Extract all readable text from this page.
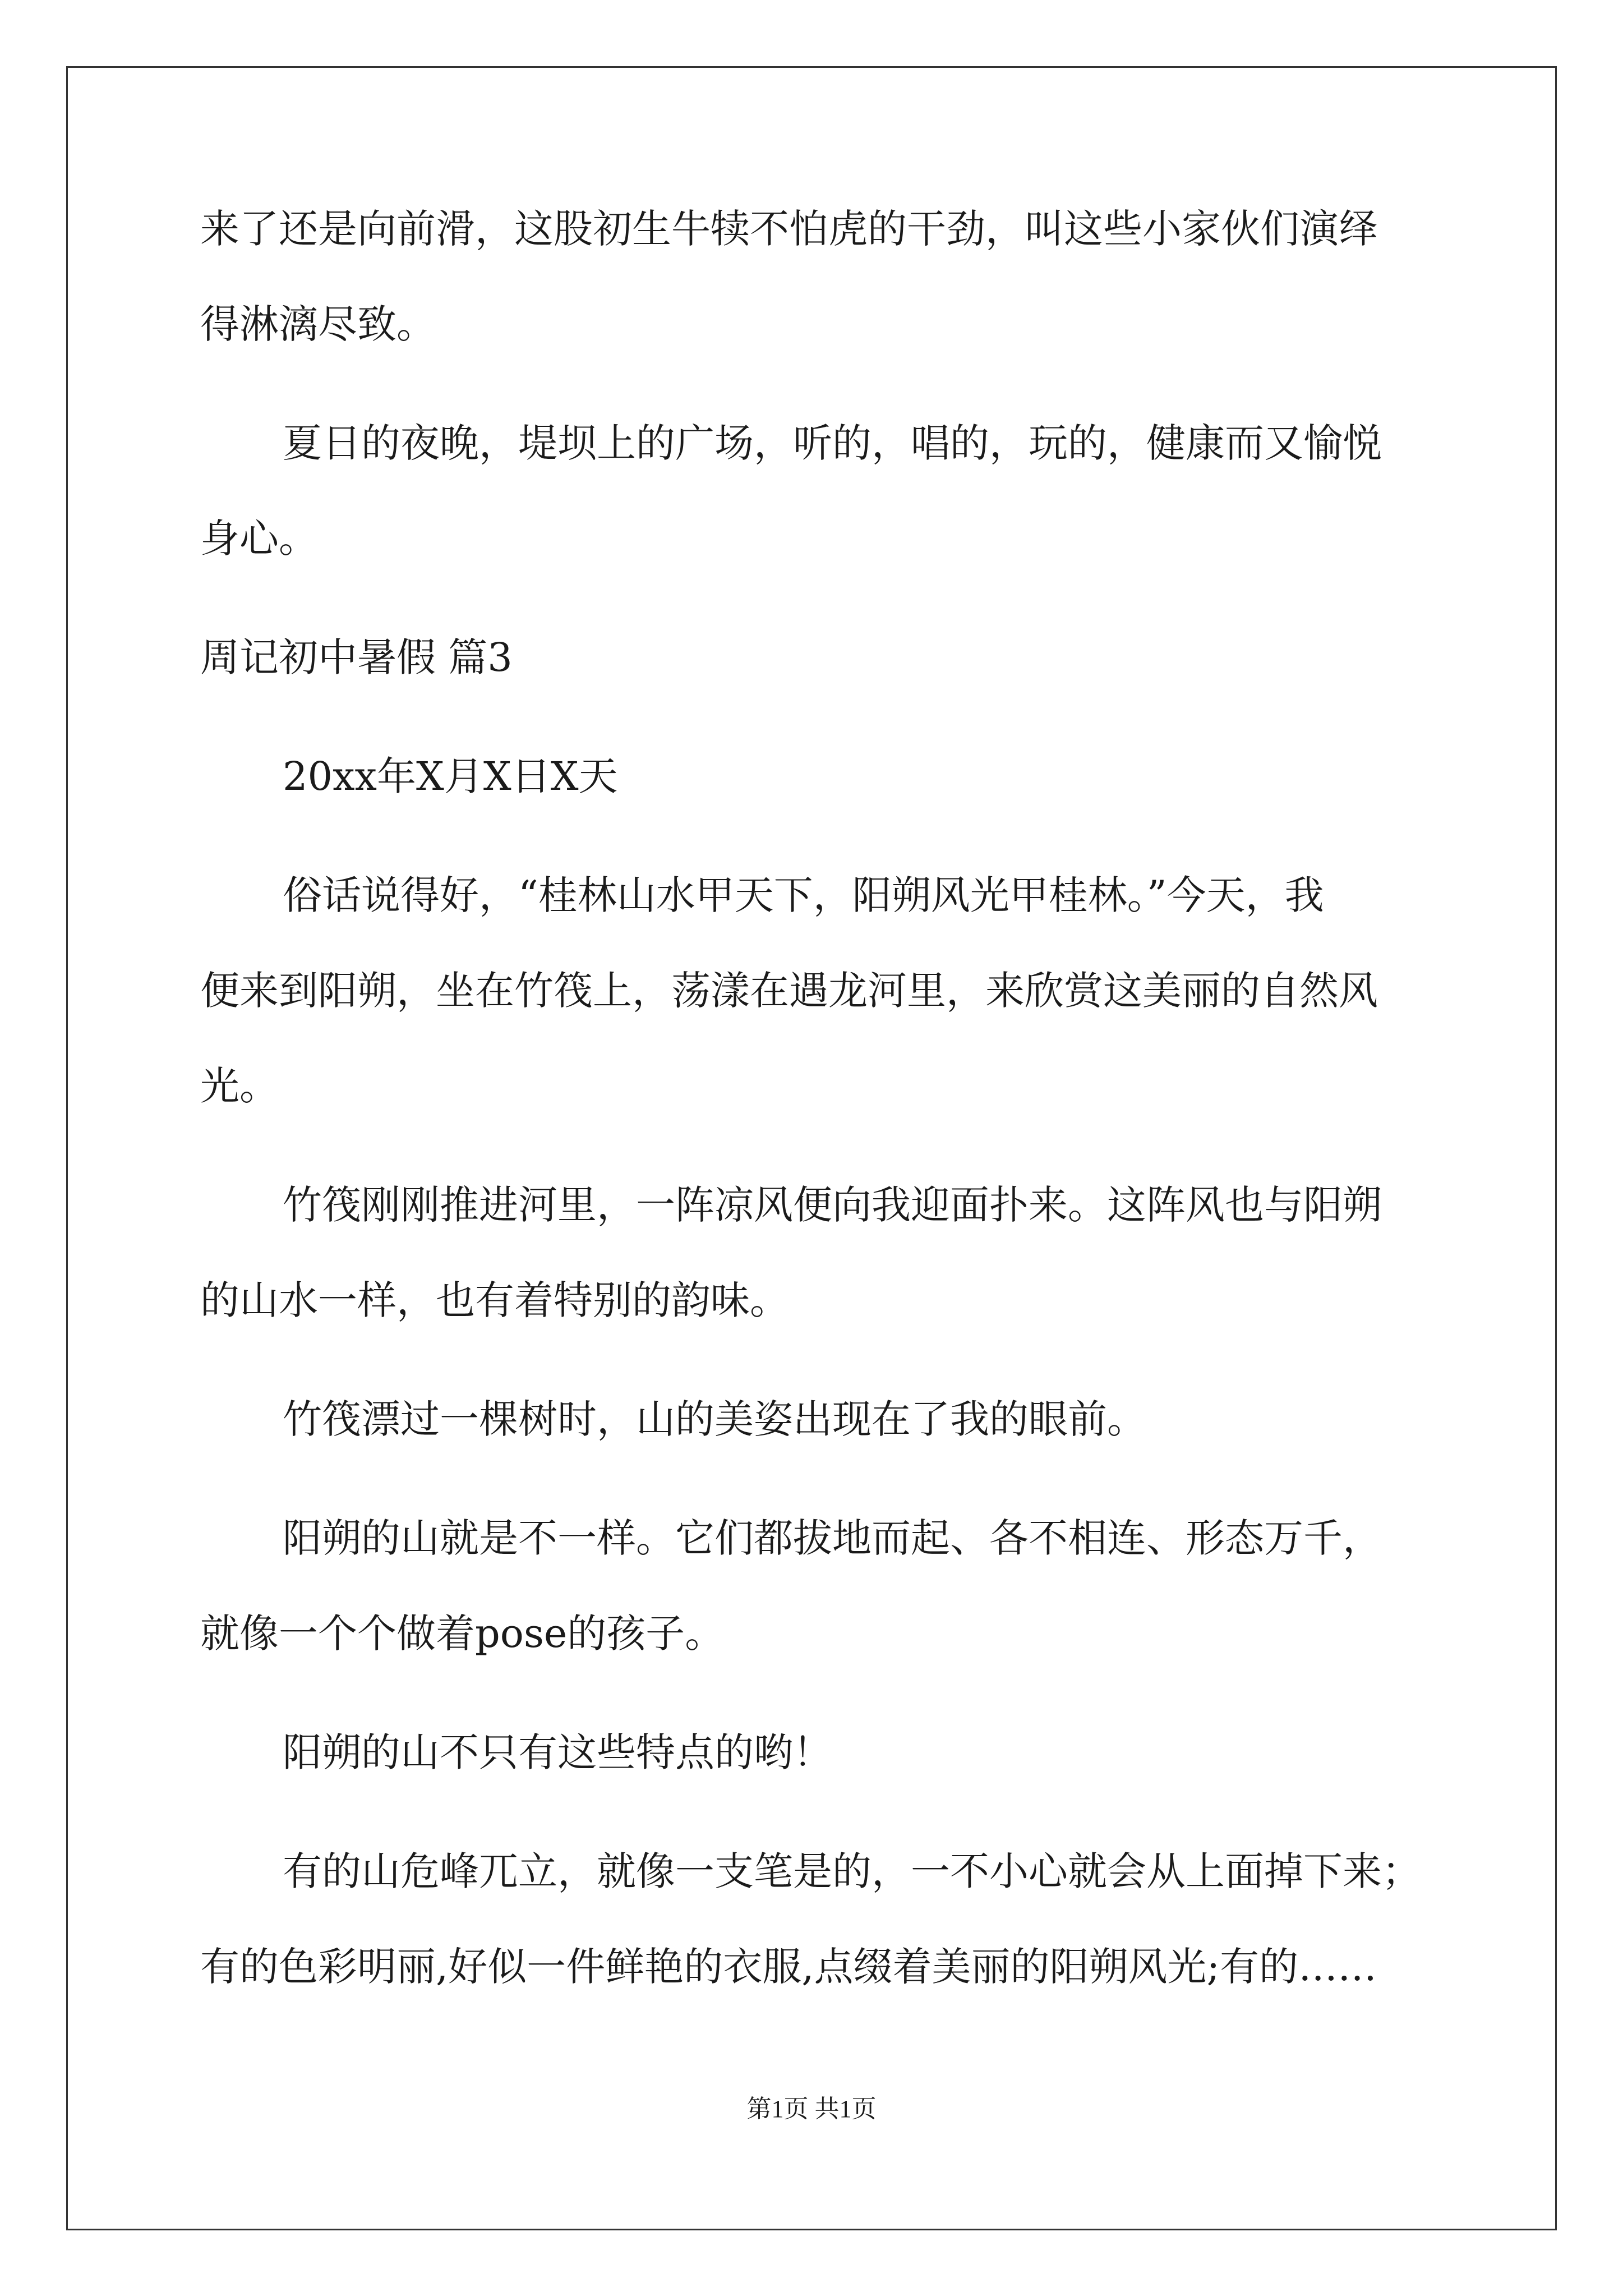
来了还是向前滑，这股初生牛犊不怕虎的干劲，叫这些小家伙们演绎
得淋漓尽致。
夏日的夜晚，堤坝上的广场，听的，唱的，玩的，健康而又愉悦
身心。
周记初中暑假 篇3
20xx年X月X日X天
俗话说得好，“桂林山水甲天下，阳朔风光甲桂林。”今天，我
便来到阳朔，坐在竹筏上，荡漾在遇龙河里，来欣赏这美丽的自然风
光。
竹筏刚刚推进河里，一阵凉风便向我迎面扑来。这阵风也与阳朔
的山水一样，也有着特别的韵味。
竹筏漂过一棵树时，山的美姿出现在了我的眼前。
阳朔的山就是不一样。它们都拔地而起、各不相连、形态万千，
就像一个个做着pose的孩子。
阳朔的山不只有这些特点的哟！
有的山危峰兀立，就像一支笔是的，一不小心就会从上面掉下来；
有的色彩明丽,好似一件鲜艳的衣服,点缀着美丽的阳朔风光;有的……
第1页 共1页
